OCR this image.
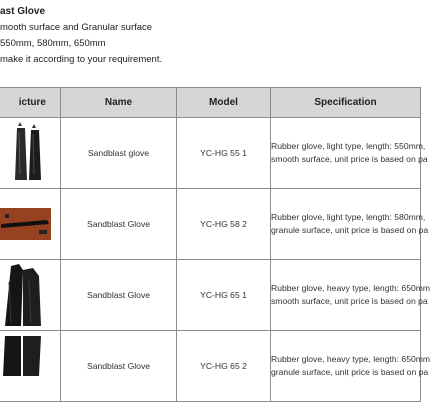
ast Glove
mooth surface and Granular surface
550mm, 580mm, 650mm
make it according to your requirement.
icture	Name	Model	Specification

	Sandblast glove	YC-HG 55 1	Rubber glove, light type, length: 550mm,
smooth surface, unit price is based on pa

	Sandblast Glove	YC-HG 58 2	Rubber glove, light type, length: 580mm,
granule surface, unit price is based on pa

	Sandblast Glove	YC-HG 65 1	Rubber glove, heavy type, length: 650mm
smooth surface, unit price is based on pa

	Sandblast Glove	YC-HG 65 2	Rubber glove, heavy type, length: 650mm
granule surface, unit price is based on pa
